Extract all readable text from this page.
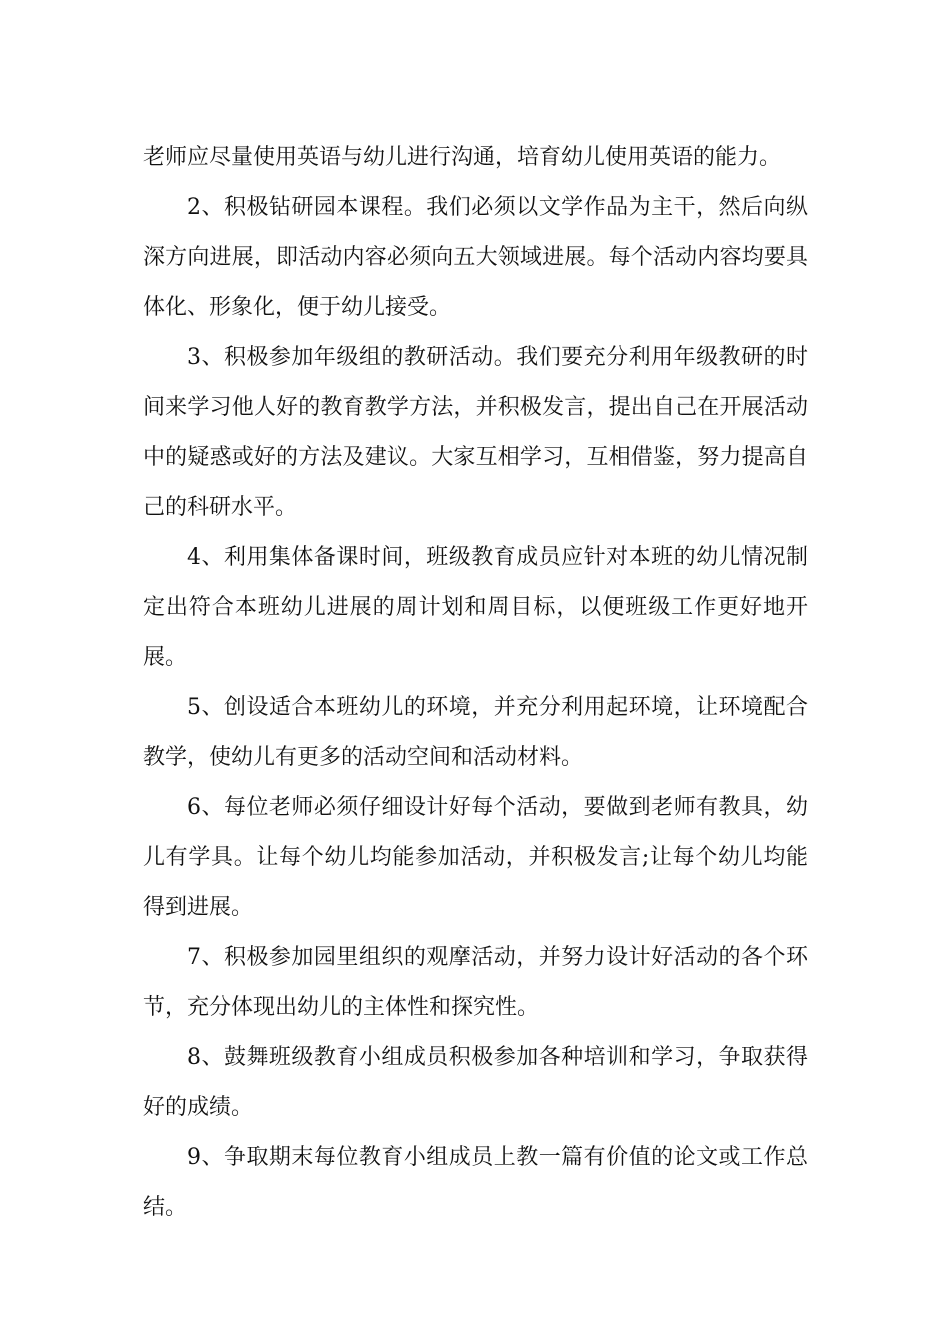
老师应尽量使用英语与幼儿进行沟通，培育幼儿使用英语的能力。

2、积极钻研园本课程。我们必须以文学作品为主干，然后向纵深方向进展，即活动内容必须向五大领域进展。每个活动内容均要具体化、形象化，便于幼儿接受。

3、积极参加年级组的教研活动。我们要充分利用年级教研的时间来学习他人好的教育教学方法，并积极发言，提出自己在开展活动中的疑惑或好的方法及建议。大家互相学习，互相借鉴，努力提高自己的科研水平。

4、利用集体备课时间，班级教育成员应针对本班的幼儿情况制定出符合本班幼儿进展的周计划和周目标，以便班级工作更好地开展。

5、创设适合本班幼儿的环境，并充分利用起环境，让环境配合教学，使幼儿有更多的活动空间和活动材料。

6、每位老师必须仔细设计好每个活动，要做到老师有教具，幼儿有学具。让每个幼儿均能参加活动，并积极发言;让每个幼儿均能得到进展。

7、积极参加园里组织的观摩活动，并努力设计好活动的各个环节，充分体现出幼儿的主体性和探究性。

8、鼓舞班级教育小组成员积极参加各种培训和学习，争取获得好的成绩。

9、争取期末每位教育小组成员上教一篇有价值的论文或工作总结。
